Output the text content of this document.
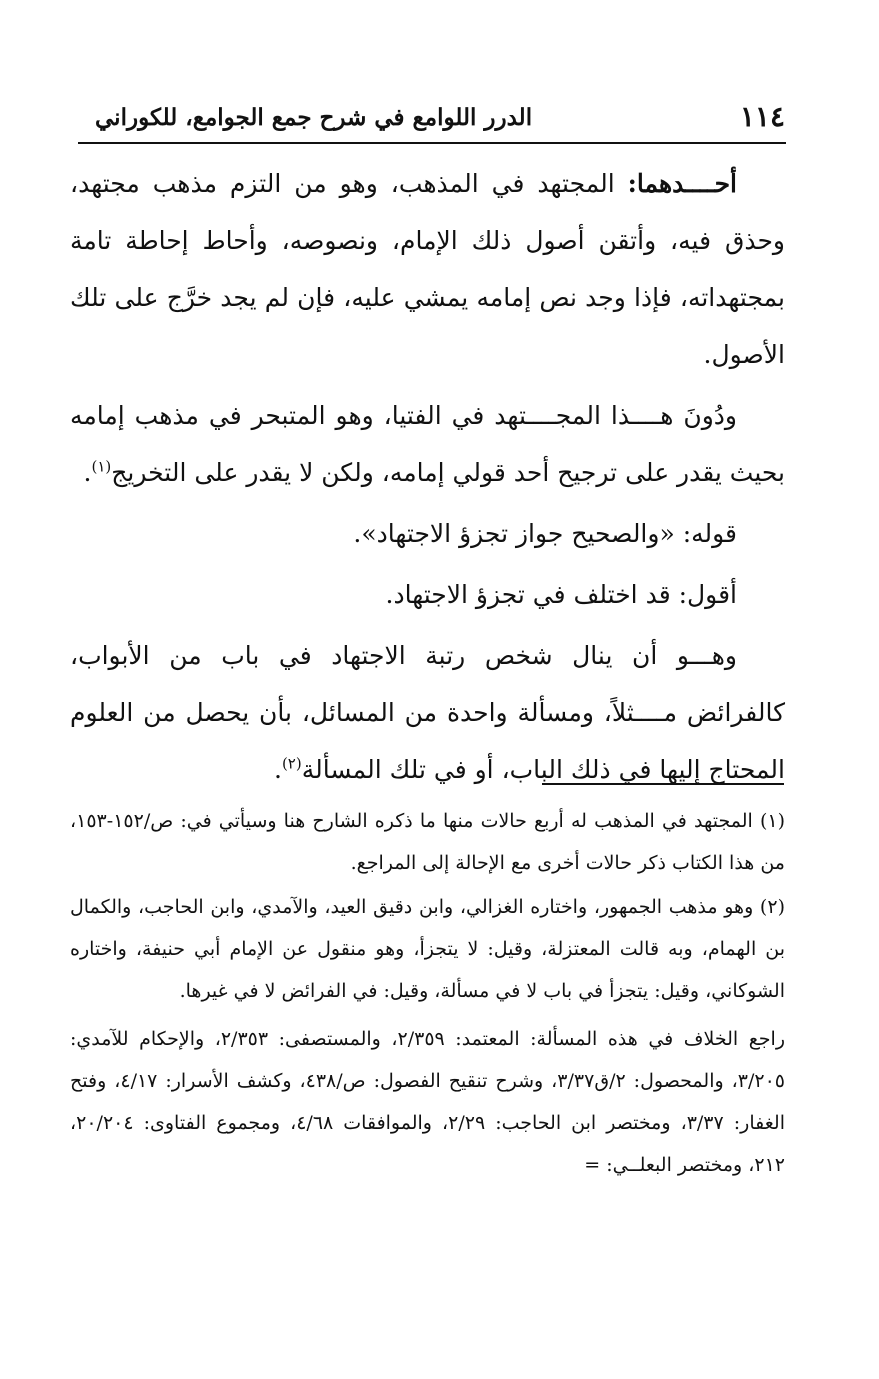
١١٤
الدرر اللوامع في شرح جمع الجوامع، للكوراني

أحــــدهما: المجتهد في المذهب، وهو من التزم مذهب مجتهد، وحذق فيه، وأتقن أصول ذلك الإمام، ونصوصه، وأحاط إحاطة تامة بمجتهداته، فإذا وجد نص إمامه يمشي عليه، فإن لم يجد خرَّج على تلك الأصول.

ودُونَ هــــذا المجــــتهد في الفتيا، وهو المتبحر في مذهب إمامه بحيث يقدر على ترجيح أحد قولي إمامه، ولكن لا يقدر على التخريج$^{(١)}$.

قوله: «والصحيح جواز تجزؤ الاجتهاد».

أقول: قد اختلف في تجزؤ الاجتهاد.

وهـــو أن ينال شخص رتبة الاجتهاد في باب من الأبواب، كالفرائض مــــثلاً، ومسألة واحدة من المسائل، بأن يحصل من العلوم المحتاج إليها في ذلك الباب، أو في تلك المسألة$^{(٢)}$.

(١) المجتهد في المذهب له أربع حالات منها ما ذكره الشارح هنا وسيأتي في: ص/١٥٢-١٥٣، من هذا الكتاب ذكر حالات أخرى مع الإحالة إلى المراجع.

(٢) وهو مذهب الجمهور، واختاره الغزالي، وابن دقيق العيد، والآمدي، وابن الحاجب، والكمال بن الهمام، وبه قالت المعتزلة، وقيل: لا يتجزأ، وهو منقول عن الإمام أبي حنيفة، واختاره الشوكاني، وقيل: يتجزأ في باب لا في مسألة، وقيل: في الفرائض لا في غيرها.

راجع الخلاف في هذه المسألة: المعتمد: ٢/٣٥٩، والمستصفى: ٢/٣٥٣، والإحكام للآمدي: ٣/٢٠٥، والمحصول: ٢/ق٣/٣٧، وشرح تنقيح الفصول: ص/٤٣٨، وكشف الأسرار: ٤/١٧، وفتح الغفار: ٣/٣٧، ومختصر ابن الحاجب: ٢/٢٩، والموافقات ٤/٦٨، ومجموع الفتاوى: ٢٠/٢٠٤، ٢١٢، ومختصر البعلــي: =
